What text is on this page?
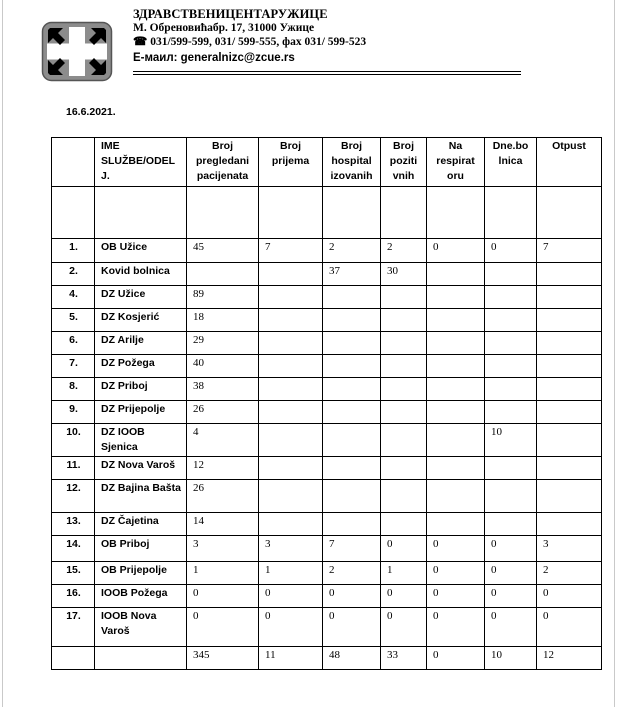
ЗДРАВСТВЕНИЦЕНТАРУЖИЦЕ
М. Обреновићабр. 17, 31000 Ужице
☎ 031/599-599, 031/ 599-555, фах 031/ 599-523
Е-маил: generalnizc@zcue.rs
16.6.2021.
	IME SLUŽBE/ODEL J.	Broj pregledani pacijenata	Broj prijema	Broj hospital izovanih	Broj poziti vnih	Na respirat oru	Dne.bo lnica	Otpust

1.	OB Užice	45	7	2	2	0	0	7
2.	Kovid bolnica			37	30			
4.	DZ Užice	89						
5.	DZ Kosjerić	18						
6.	DZ Arilje	29						
7.	DZ Požega	40						
8.	DZ Priboj	38						
9.	DZ Prijepolje	26						
10.	DZ IOOB Sjenica	4					10	
11.	DZ Nova Varoš	12						
12.	DZ Bajina Bašta	26						
13.	DZ Čajetina	14						
14.	OB Priboj	3	3	7	0	0	0	3
15.	OB Prijepolje	1	1	2	1	0	0	2
16.	IOOB Požega	0	0	0	0	0	0	0
17.	IOOB Nova Varoš	0	0	0	0	0	0	0
		345	11	48	33	0	10	12
